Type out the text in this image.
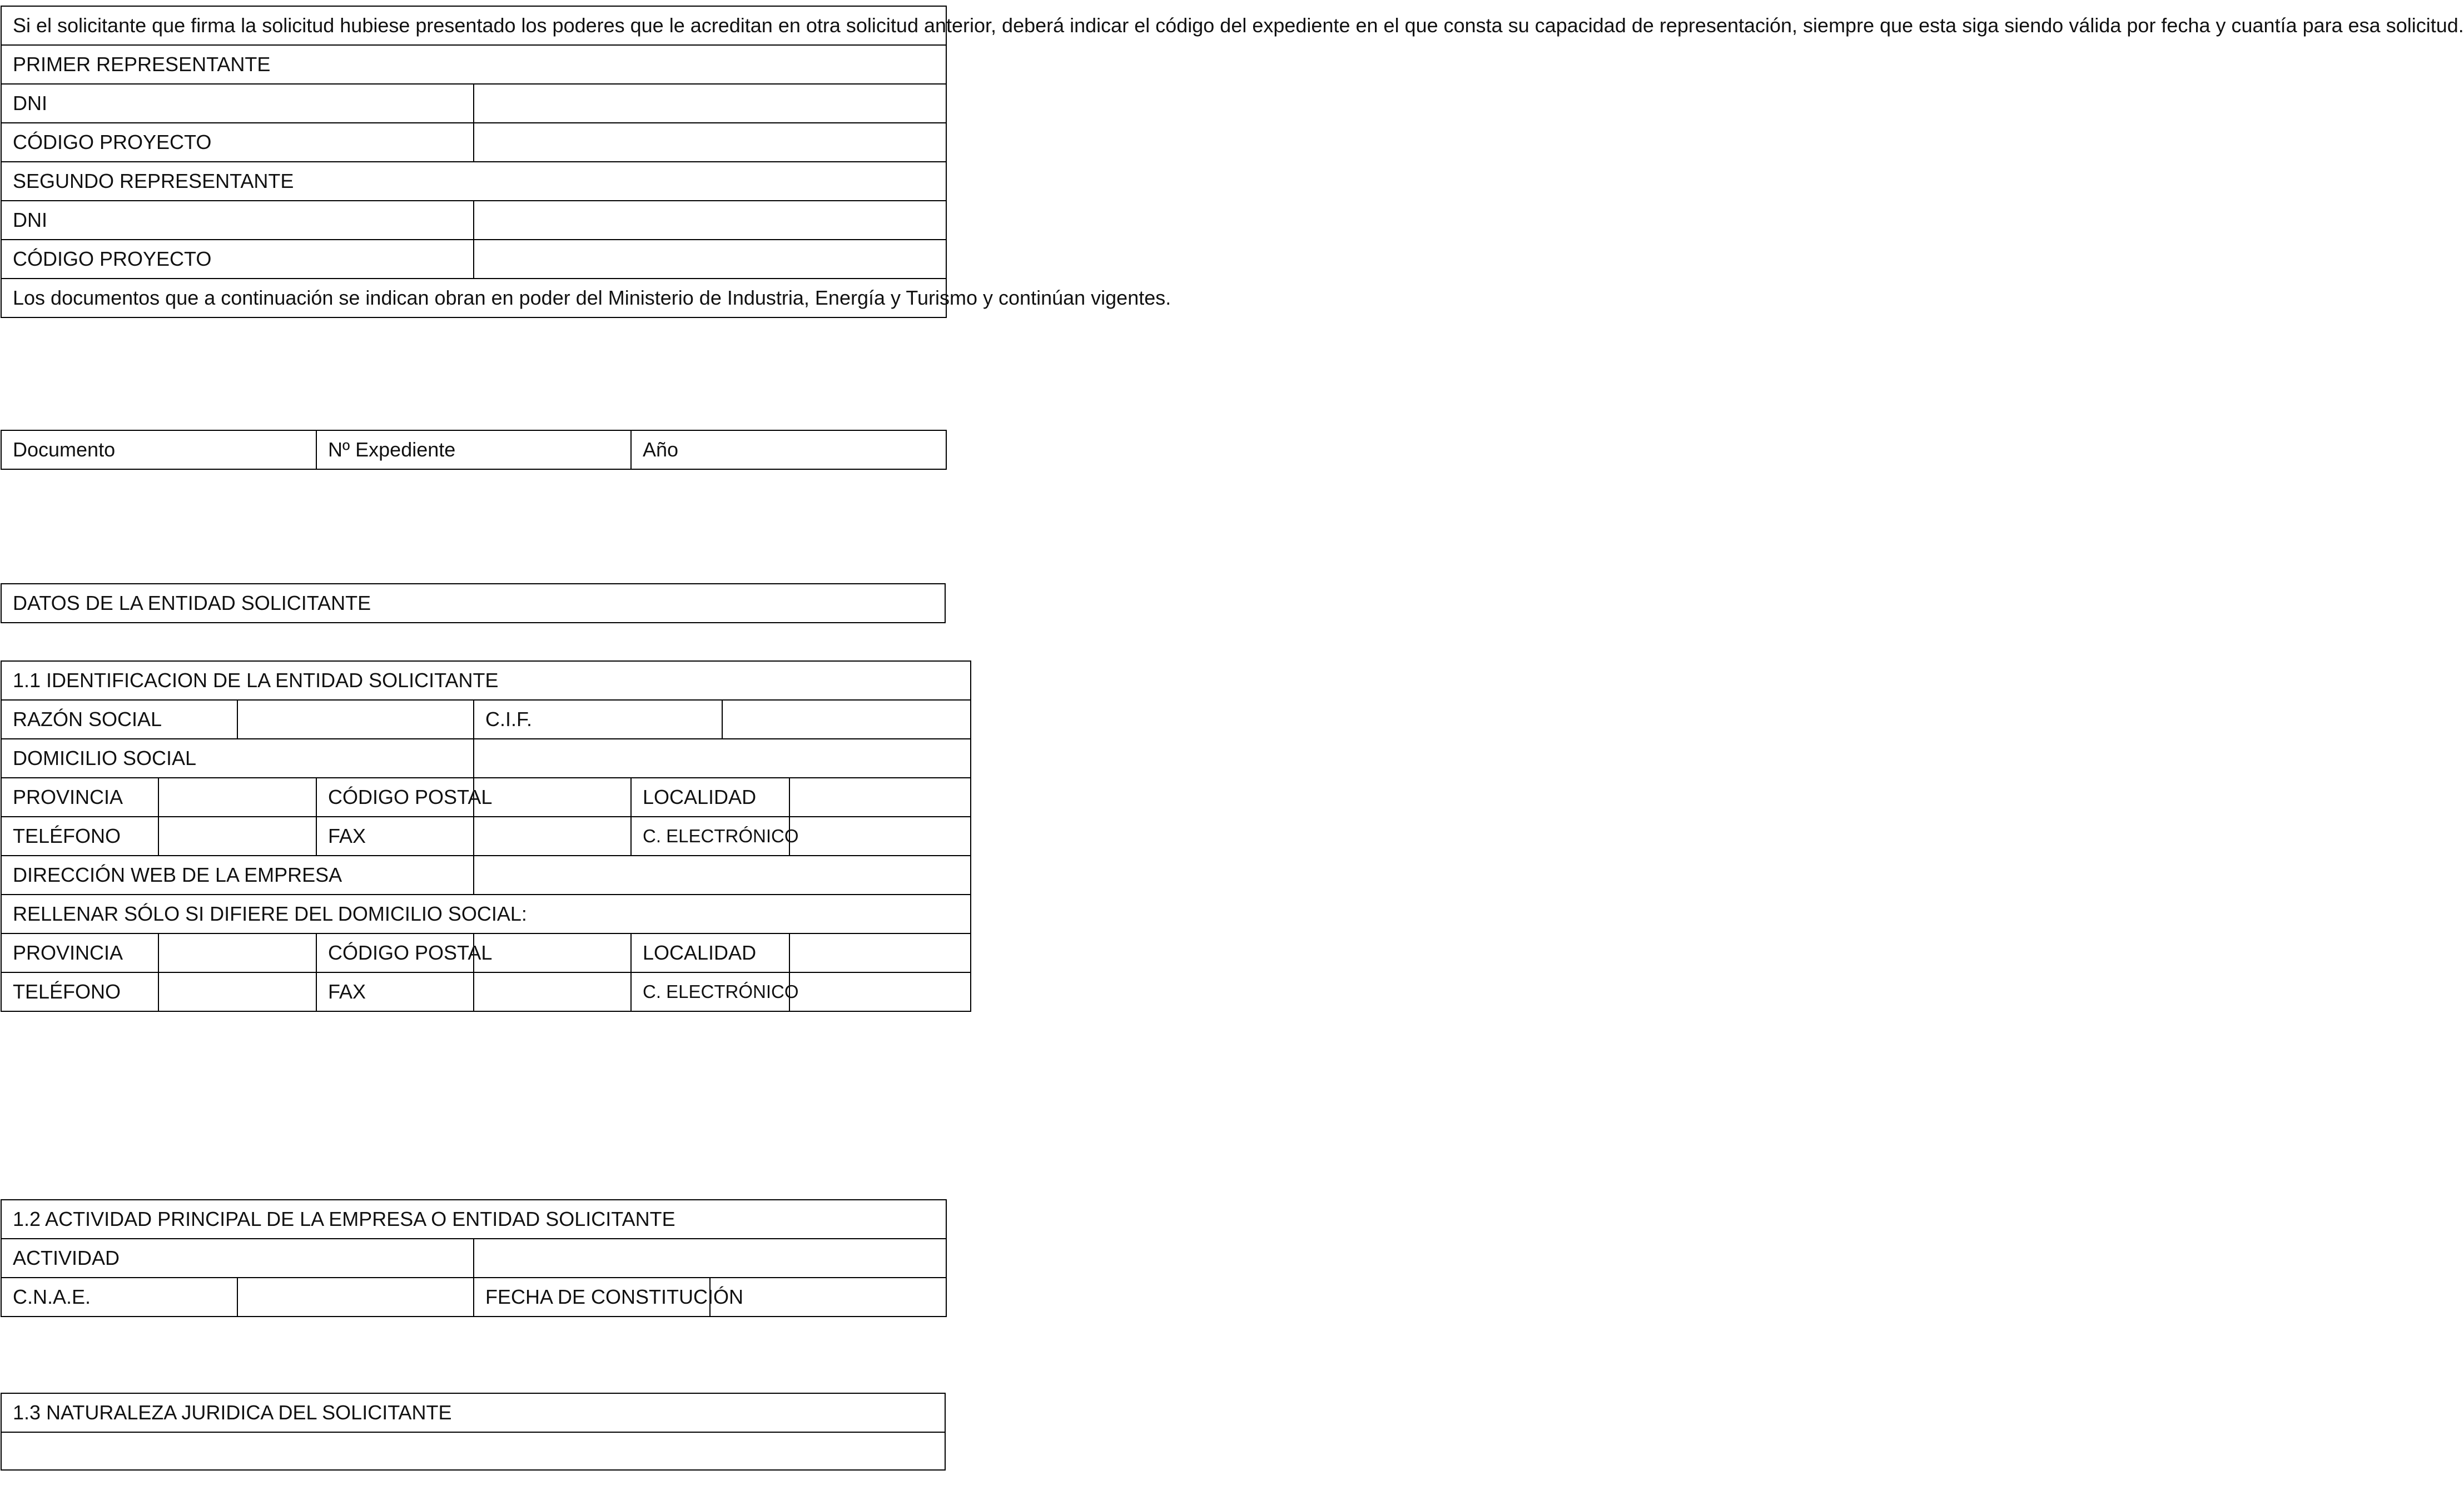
Si el solicitante que firma la solicitud hubiese presentado los poderes que le acreditan en otra solicitud anterior, deberá indicar el código del expediente en el que consta su capacidad de representación, siempre que esta siga siendo válida por fecha y cuantía para esa solicitud.	
PRIMER REPRESENTANTE	
DNI	
CÓDIGO PROYECTO	
SEGUNDO REPRESENTANTE	
DNI	
CÓDIGO PROYECTO	
Los documentos que a continuación se indican obran en poder del Ministerio de Industria, Energía y Turismo y continúan vigentes.	
Documento	Nº Expediente	Año
DATOS DE LA ENTIDAD SOLICITANTE
1.1 IDENTIFICACION DE LA ENTIDAD SOLICITANTE							
RAZÓN SOCIAL				C.I.F.			
DOMICILIO SOCIAL							
PROVINCIA			CÓDIGO POSTAL		LOCALIDAD		
TELÉFONO			FAX		C. ELECTRÓNICO		
DIRECCIÓN WEB DE LA EMPRESA							
RELLENAR SÓLO SI DIFIERE DEL DOMICILIO SOCIAL:							
PROVINCIA			CÓDIGO POSTAL		LOCALIDAD		
TELÉFONO			FAX		C. ELECTRÓNICO		
1.2 ACTIVIDAD PRINCIPAL DE LA EMPRESA O ENTIDAD SOLICITANTE			
ACTIVIDAD			
C.N.A.E.		FECHA DE CONSTITUCIÓN	
1.3 NATURALEZA JURIDICA DEL SOLICITANTE
